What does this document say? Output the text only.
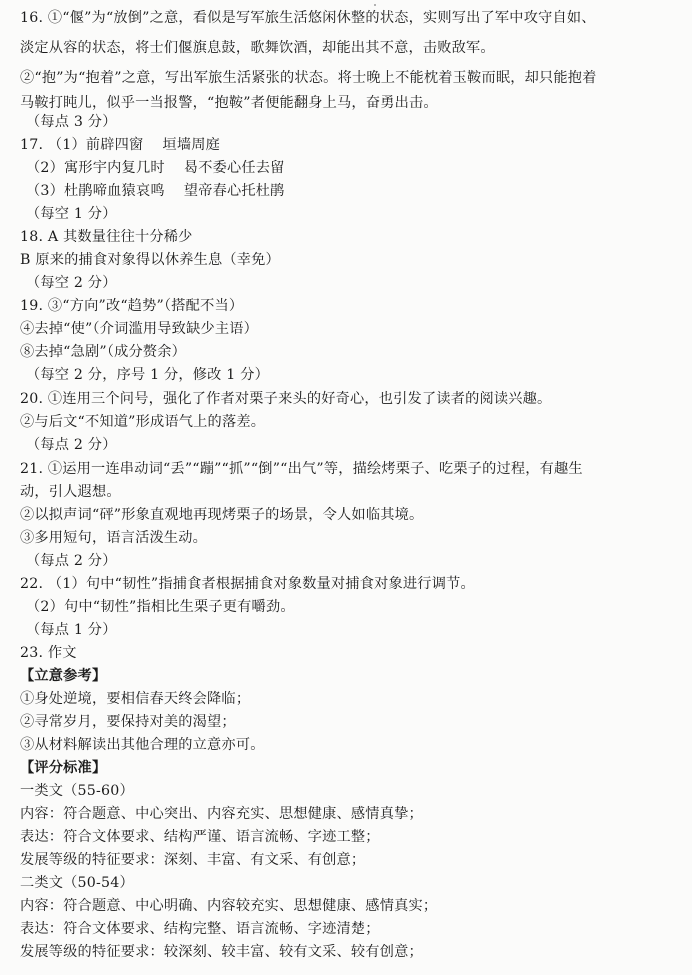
16. ①“偃”为“放倒”之意，看似是写军旅生活悠闲休整的状态，实则写出了军中攻守自如、
淡定从容的状态，将士们偃旗息鼓，歌舞饮酒，却能出其不意，击败敌军。
②“抱”为“抱着”之意，写出军旅生活紧张的状态。将士晚上不能枕着玉鞍而眠，却只能抱着
马鞍打盹儿，似乎一当报警，“抱鞍”者便能翻身上马，奋勇出击。
（每点 3 分）
17. （1）前辟四窗　 垣墙周庭
（2）寓形宇内复几时　 曷不委心任去留
（3）杜鹃啼血猿哀鸣　 望帝春心托杜鹃
（每空 1 分）
18. A 其数量往往十分稀少
B 原来的捕食对象得以休养生息（幸免）
（每空 2 分）
19. ③“方向”改“趋势”（搭配不当）
④去掉“使”（介词滥用导致缺少主语）
⑧去掉“急剧”（成分赘余）
（每空 2 分，序号 1 分，修改 1 分）
20. ①连用三个问号，强化了作者对栗子来头的好奇心，也引发了读者的阅读兴趣。
②与后文“不知道”形成语气上的落差。
（每点 2 分）
21. ①运用一连串动词“丢”“蹦”“抓”“倒”“出气”等，描绘烤栗子、吃栗子的过程，有趣生
动，引人遐想。
②以拟声词“砰”形象直观地再现烤栗子的场景，令人如临其境。
③多用短句，语言活泼生动。
（每点 2 分）
22. （1）句中“韧性”指捕食者根据捕食对象数量对捕食对象进行调节。
（2）句中“韧性”指相比生栗子更有嚼劲。
（每点 1 分）
23. 作文
【立意参考】
①身处逆境，要相信春天终会降临；
②寻常岁月，要保持对美的渴望；
③从材料解读出其他合理的立意亦可。
【评分标准】
一类文（55-60）
内容：符合题意、中心突出、内容充实、思想健康、感情真挚；
表达：符合文体要求、结构严谨、语言流畅、字迹工整；
发展等级的特征要求：深刻、丰富、有文采、有创意；
二类文（50-54）
内容：符合题意、中心明确、内容较充实、思想健康、感情真实；
表达：符合文体要求、结构完整、语言流畅、字迹清楚；
发展等级的特征要求：较深刻、较丰富、较有文采、较有创意；
